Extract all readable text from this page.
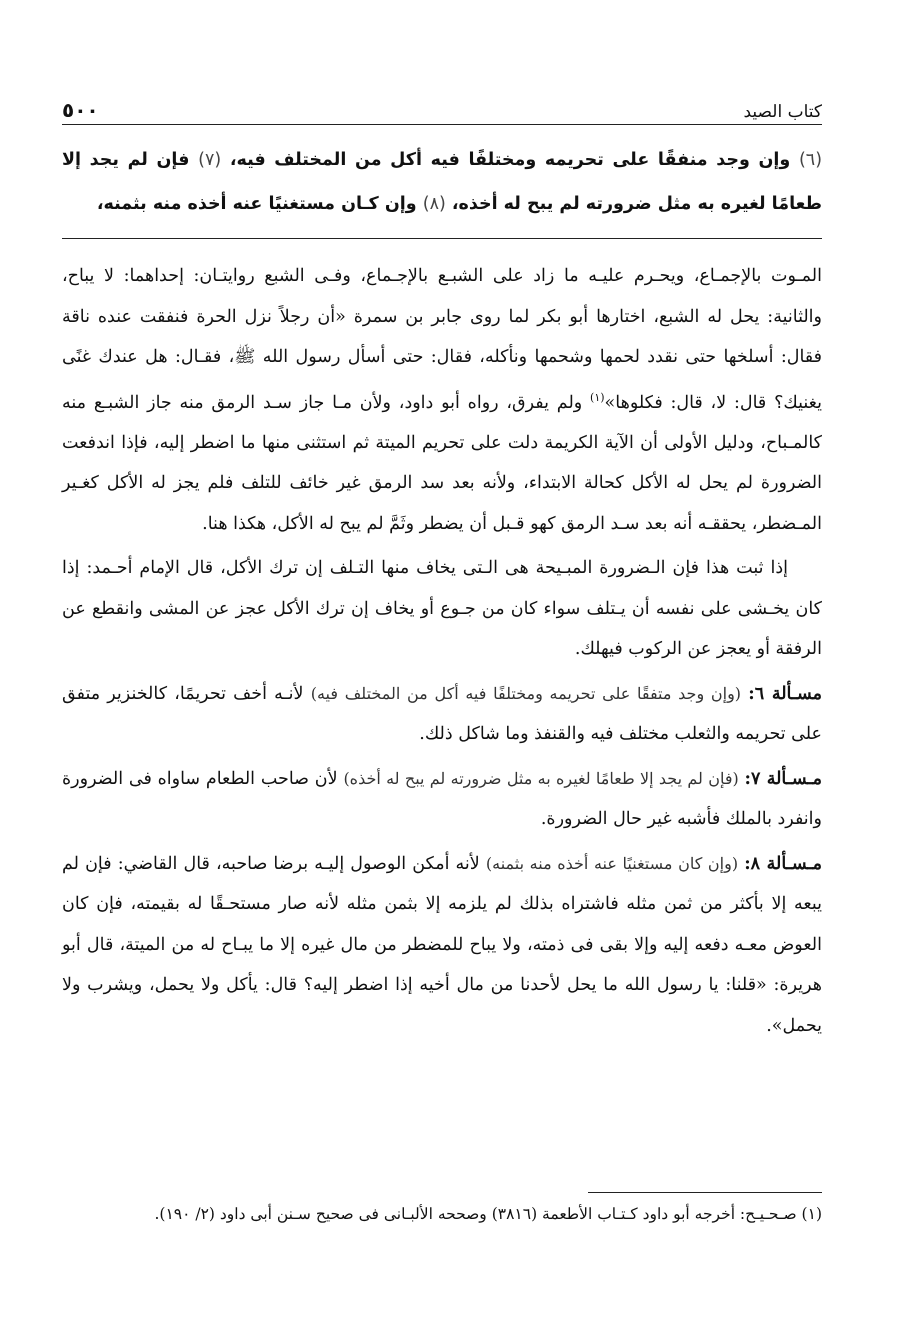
٥٠٠	كتاب الصيد
(٦) وإن وجد منفقًا على تحريمه ومختلفًا فيه أكل من المختلف فيه، (٧) فإن لم يجد إلا طعامًا لغيره به مثل ضرورته لم يبح له أخذه، (٨) وإن كـان مستغنيًا عنه أخذه منه بثمنه،

المـوت بالإجمـاع، ويحـرم عليـه ما زاد على الشبـع بالإجـماع، وفـى الشبع روايتـان: إحداهما: لا يباح، والثانية: يحل له الشبع، اختارها أبو بكر لما روى جابر بن سمرة «أن رجلاً نزل الحرة فنفقت عنده ناقة فقال: أسلخها حتى نقدد لحمها وشحمها ونأكله، فقال: حتى أسأل رسول الله ﷺ، فقـال: هل عندك غنًى يغنيك؟ قال: لا، قال: فكلوها»$^{(١)}$ ولم يفرق، رواه أبو داود، ولأن مـا جاز سـد الرمق منه جاز الشبـع منه كالمـباح، ودليل الأولى أن الآية الكريمة دلت على تحريم الميتة ثم استثنى منها ما اضطر إليه، فإذا اندفعت الضرورة لم يحل له الأكل كحالة الابتداء، ولأنه بعد سد الرمق غير خائف للتلف فلم يجز له الأكل كغـير المـضطر، يحققـه أنه بعد سـد الرمق كهو قـبل أن يضطر وثَمَّ لم يبح له الأكل، هكذا هنا.

إذا ثبت هذا فإن الـضرورة المبـيحة هى الـتى يخاف منها التـلف إن ترك الأكل، قال الإمام أحـمد: إذا كان يخـشى على نفسه أن يـتلف سواء كان من جـوع أو يخاف إن ترك الأكل عجز عن المشى وانقطع عن الرفقة أو يعجز عن الركوب فيهلك.

مسـألة ٦: (وإن وجد متفقًا على تحريمه ومختلفًا فيه أكل من المختلف فيه) لأنـه أخف تحريمًا، كالخنزير متفق على تحريمه والثعلب مختلف فيه والقنفذ وما شاكل ذلك.

مـسـألة ٧: (فإن لم يجد إلا طعامًا لغيره به مثل ضرورته لم يبح له أخذه) لأن صاحب الطعام ساواه فى الضرورة وانفرد بالملك فأشبه غير حال الضرورة.

مـسـألة ٨: (وإن كان مستغنيًا عنه أخذه منه بثمنه) لأنه أمكن الوصول إليـه برضا صاحبه، قال القاضي: فإن لم يبعه إلا بأكثر من ثمن مثله فاشتراه بذلك لم يلزمه إلا بثمن مثله لأنه صار مستحـقًا له بقيمته، فإن كان العوض معـه دفعه إليه وإلا بقى فى ذمته، ولا يباح للمضطر من مال غيره إلا ما يبـاح له من الميتة، قال أبو هريرة: «قلنا: يا رسول الله ما يحل لأحدنا من مال أخيه إذا اضطر إليه؟ قال: يأكل ولا يحمل، ويشرب ولا يحمل».

(١) صـحـيـح: أخرجه أبو داود كـتـاب الأطعمة (٣٨١٦) وصححه الألبـانى فى صحيح سـنن أبى داود (٢/ ١٩٠).
